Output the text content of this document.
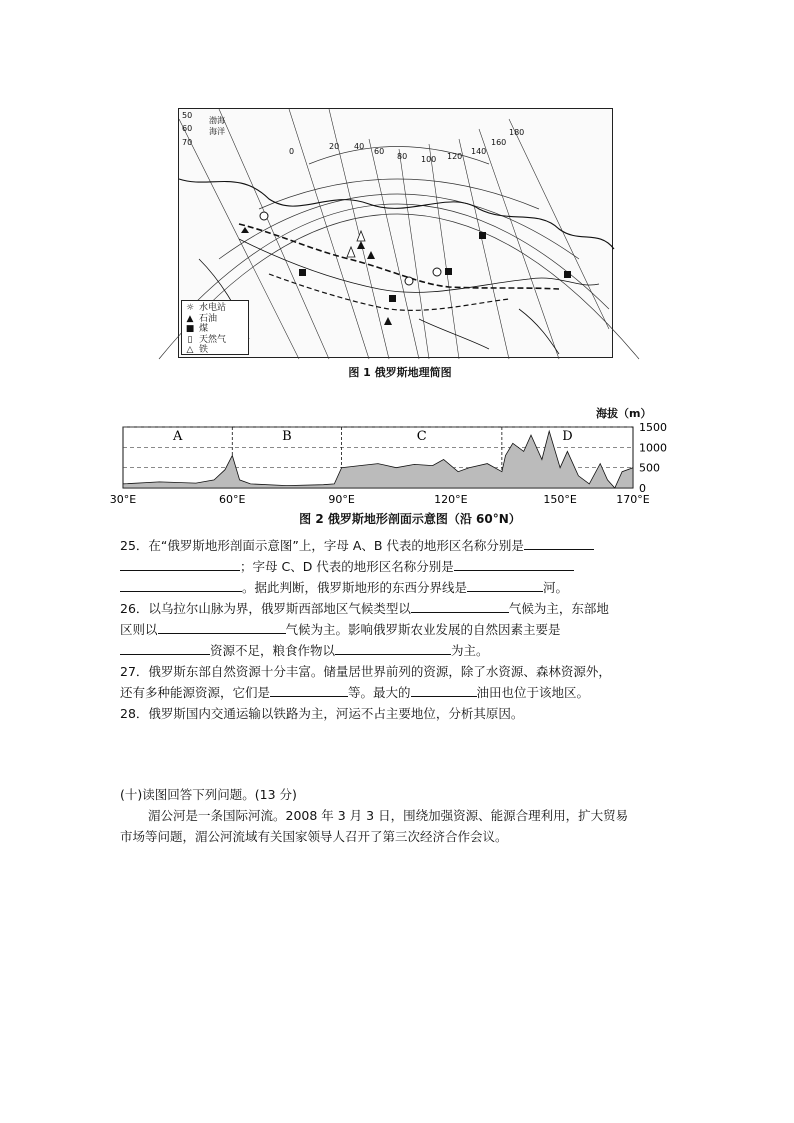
50
60
70
渤海
海洋
0
20 40
60
80 100 120
140
160
180
☼ 水电站
▲ 石油
■ 煤
▯ 天然气
△ 铁
图 1 俄罗斯地理简图
海拔（m）
1500
1000
500
0
30°E	60°E	90°E	120°E	150°E	170°E
A	B	C	D
图 2 俄罗斯地形剖面示意图（沿 60°N）
25．在“俄罗斯地形剖面示意图”上，字母 A、B 代表的地形区名称分别是
；字母 C、D 代表的地形区名称分别是
。据此判断，俄罗斯地形的东西分界线是	河。
26．以乌拉尔山脉为界，俄罗斯西部地区气候类型以	气候为主，东部地
区则以	气候为主。影响俄罗斯农业发展的自然因素主要是
资源不足，粮食作物以	为主。
27．俄罗斯东部自然资源十分丰富。储量居世界前列的资源，除了水资源、森林资源外，
还有多种能源资源，它们是	等。最大的	油田也位于该地区。
28．俄罗斯国内交通运输以铁路为主，河运不占主要地位，分析其原因。
(十)读图回答下列问题。(13 分)
湄公河是一条国际河流。2008 年 3 月 3 日，围绕加强资源、能源合理利用，扩大贸易
市场等问题，湄公河流域有关国家领导人召开了第三次经济合作会议。
